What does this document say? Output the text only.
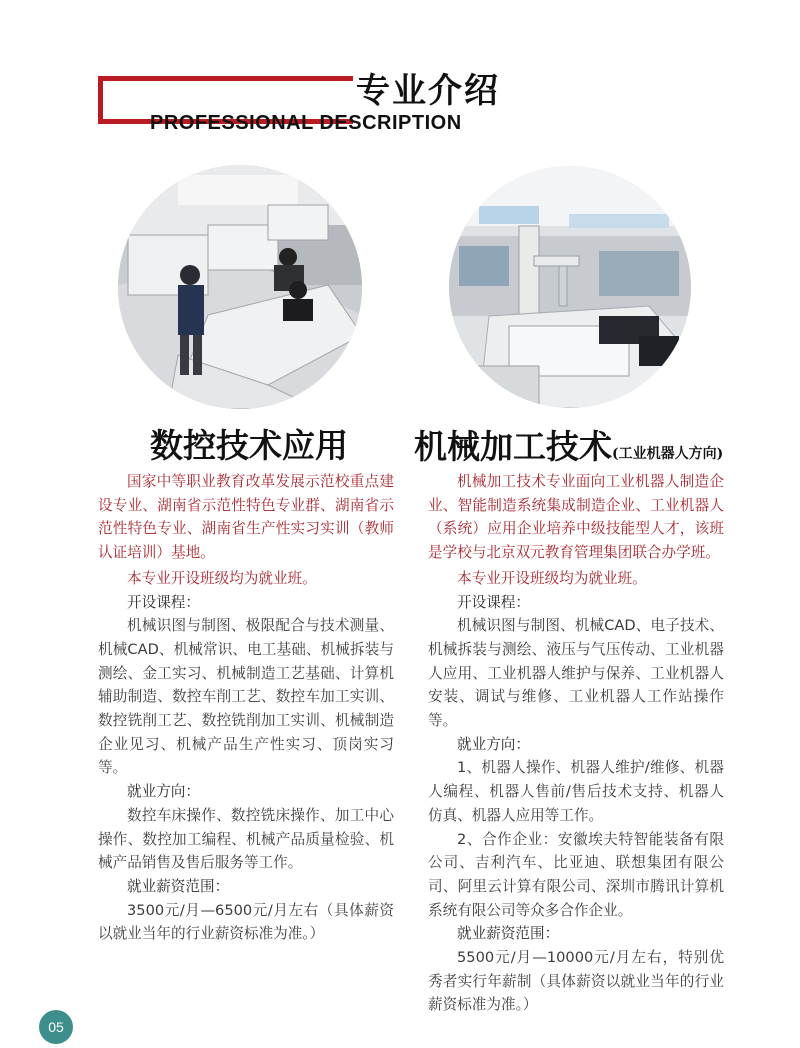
专业介绍
PROFESSIONAL DESCRIPTION
数控技术应用 机械加工技术(工业机器人方向)

国家中等职业教育改革发展示范校重点建设专业、湖南省示范性特色专业群、湖南省示范性特色专业、湖南省生产性实习实训（教师认证培训）基地。

本专业开设班级均为就业班。

开设课程：

机械识图与制图、极限配合与技术测量、机械CAD、机械常识、电工基础、机械拆装与测绘、金工实习、机械制造工艺基础、计算机辅助制造、数控车削工艺、数控车加工实训、数控铣削工艺、数控铣削加工实训、机械制造企业见习、机械产品生产性实习、顶岗实习等。

就业方向：

数控车床操作、数控铣床操作、加工中心操作、数控加工编程、机械产品质量检验、机械产品销售及售后服务等工作。

就业薪资范围：

3500元/月—6500元/月左右（具体薪资以就业当年的行业薪资标准为准。）

机械加工技术专业面向工业机器人制造企业、智能制造系统集成制造企业、工业机器人（系统）应用企业培养中级技能型人才，该班是学校与北京双元教育管理集团联合办学班。

本专业开设班级均为就业班。

开设课程：

机械识图与制图、机械CAD、电子技术、机械拆装与测绘、液压与气压传动、工业机器人应用、工业机器人维护与保养、工业机器人安装、调试与维修、工业机器人工作站操作等。

就业方向：

1、机器人操作、机器人维护/维修、机器人编程、机器人售前/售后技术支持、机器人仿真、机器人应用等工作。

2、合作企业：安徽埃夫特智能装备有限公司、吉利汽车、比亚迪、联想集团有限公司、阿里云计算有限公司、深圳市腾讯计算机系统有限公司等众多合作企业。

就业薪资范围：

5500元/月—10000元/月左右，特别优秀者实行年薪制（具体薪资以就业当年的行业薪资标准为准。）

05
